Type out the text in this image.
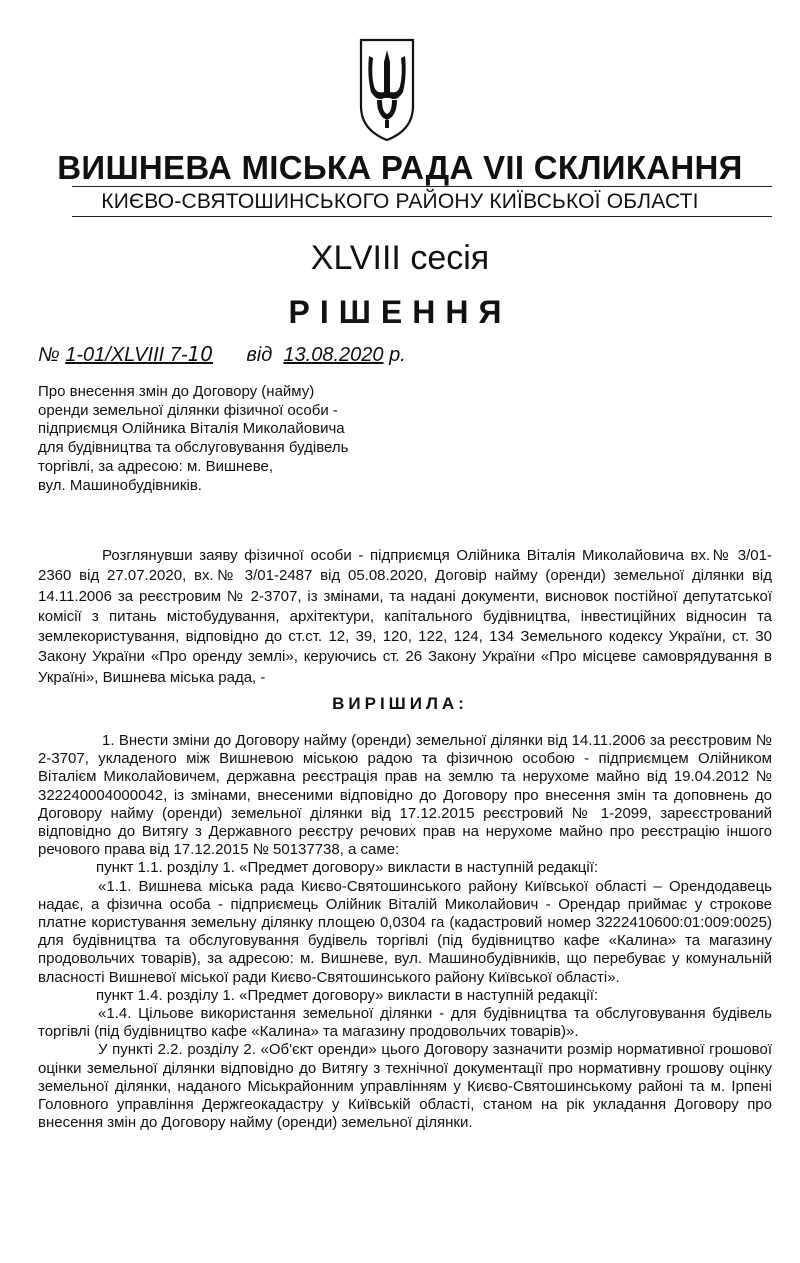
ВИШНЕВА МІСЬКА РАДА VII СКЛИКАННЯ
КИЄВО-СВЯТОШИНСЬКОГО РАЙОНУ КИЇВСЬКОЇ ОБЛАСТІ
XLVIII сесія
РІШЕННЯ
№ 1-01/XLVIII 7-10 від 13.08.2020 р.
Про внесення змін до Договору (найму)
оренди земельної ділянки фізичної особи -
підприємця Олійника Віталія Миколайовича
для будівництва та обслуговування будівель
торгівлі, за адресою: м. Вишневе,
вул. Машинобудівників.

Розглянувши заяву фізичної особи - підприємця Олійника Віталія Миколайовича вх.№ 3/01-2360 від 27.07.2020, вх.№ 3/01-2487 від 05.08.2020, Договір найму (оренди) земельної ділянки від 14.11.2006 за реєстровим № 2-3707, із змінами, та надані документи, висновок постійної депутатської комісії з питань містобудування, архітектури, капітального будівництва, інвестиційних відносин та землекористування, відповідно до ст.ст. 12, 39, 120, 122, 124, 134 Земельного кодексу України, ст. 30 Закону України «Про оренду землі», керуючись ст. 26 Закону України «Про місцеве самоврядування в Україні», Вишнева міська рада, -

ВИРІШИЛА:

1. Внести зміни до Договору найму (оренди) земельної ділянки від 14.11.2006 за реєстровим № 2-3707, укладеного між Вишневою міською радою та фізичною особою - підприємцем Олійником Віталієм Миколайовичем, державна реєстрація прав на землю та нерухоме майно від 19.04.2012 № 322240004000042, із змінами, внесеними відповідно до Договору про внесення змін та доповнень до Договору найму (оренди) земельної ділянки від 17.12.2015 реєстровий № 1-2099, зареєстрований відповідно до Витягу з Державного реєстру речових прав на нерухоме майно про реєстрацію іншого речового права від 17.12.2015 № 50137738, а саме:

пункт 1.1. розділу 1. «Предмет договору» викласти в наступній редакції:

«1.1. Вишнева міська рада Києво-Святошинського району Київської області – Орендодавець надає, а фізична особа - підприємець Олійник Віталій Миколайович - Орендар приймає у строкове платне користування земельну ділянку площею 0,0304 га (кадастровий номер 3222410600:01:009:0025) для будівництва та обслуговування будівель торгівлі (під будівництво кафе «Калина» та магазину продовольчих товарів), за адресою: м. Вишневе, вул. Машинобудівників, що перебуває у комунальній власності Вишневої міської ради Києво-Святошинського району Київської області».

пункт 1.4. розділу 1. «Предмет договору» викласти в наступній редакції:

«1.4. Цільове використання земельної ділянки - для будівництва та обслуговування будівель торгівлі (під будівництво кафе «Калина» та магазину продовольчих товарів)».

У пункті 2.2. розділу 2. «Об'єкт оренди» цього Договору зазначити розмір нормативної грошової оцінки земельної ділянки відповідно до Витягу з технічної документації про нормативну грошову оцінку земельної ділянки, наданого Міськрайонним управлінням у Києво-Святошинському районі та м. Ірпені Головного управління Держгеокадастру у Київській області, станом на рік укладання Договору про внесення змін до Договору найму (оренди) земельної ділянки.
